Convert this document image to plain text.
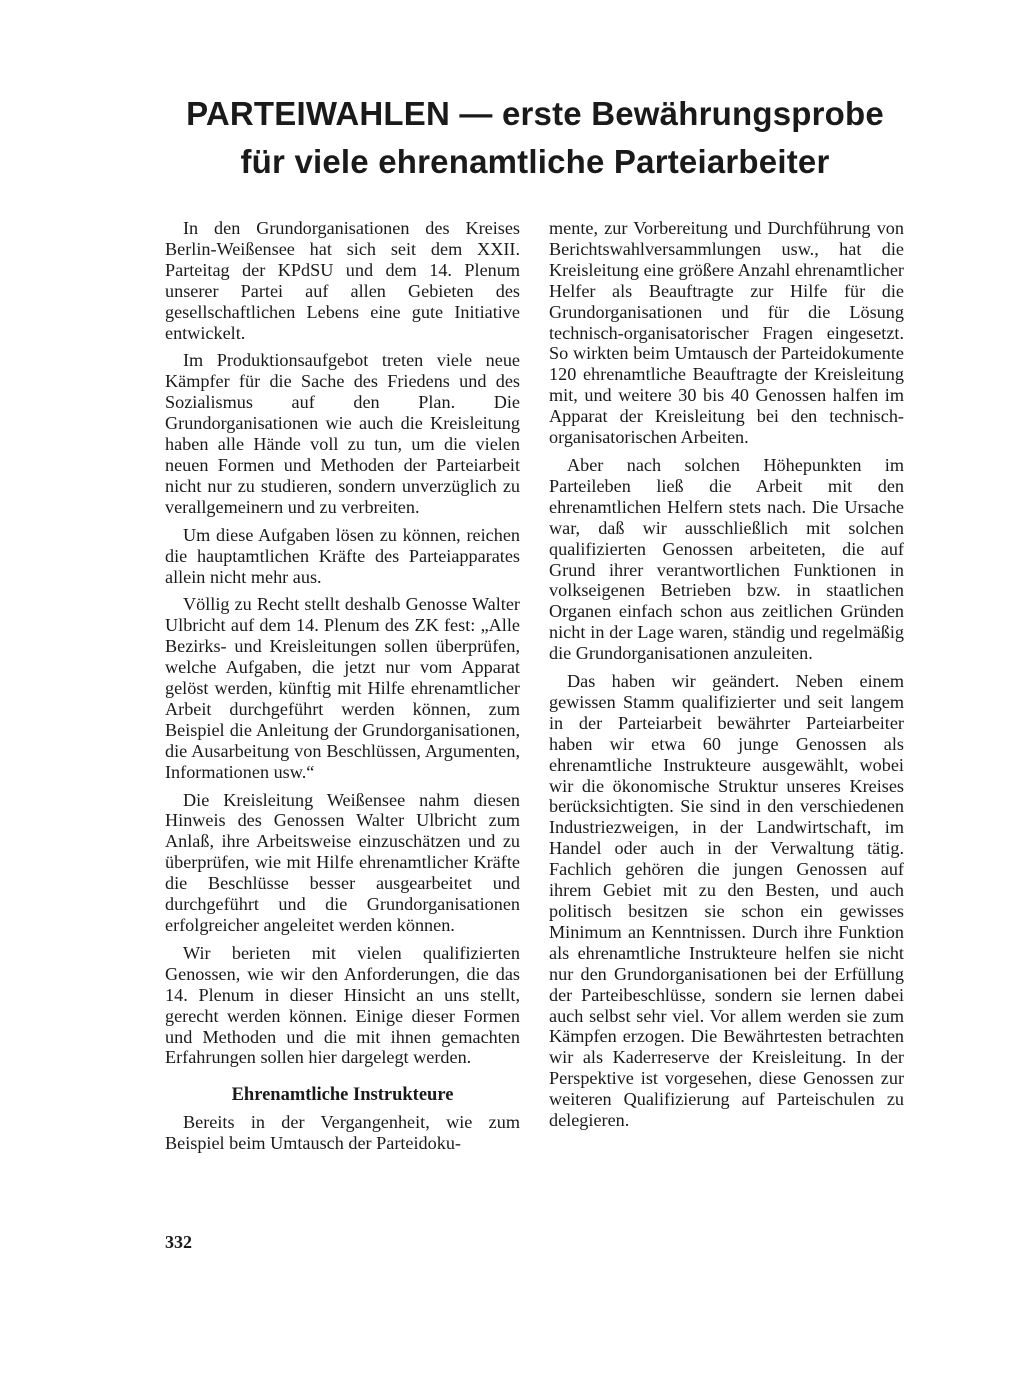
PARTEIWAHLEN — erste Bewährungsprobe
für viele ehrenamtliche Parteiarbeiter

In den Grundorganisationen des Kreises Berlin-Weißensee hat sich seit dem XXII. Parteitag der KPdSU und dem 14. Plenum unserer Partei auf allen Gebieten des gesellschaftlichen Lebens eine gute Initiative entwickelt.

Im Produktionsaufgebot treten viele neue Kämpfer für die Sache des Friedens und des Sozialismus auf den Plan. Die Grundorganisationen wie auch die Kreisleitung haben alle Hände voll zu tun, um die vielen neuen Formen und Methoden der Parteiarbeit nicht nur zu studieren, sondern unverzüglich zu verallgemeinern und zu verbreiten.

Um diese Aufgaben lösen zu können, reichen die hauptamtlichen Kräfte des Parteiapparates allein nicht mehr aus.

Völlig zu Recht stellt deshalb Genosse Walter Ulbricht auf dem 14. Plenum des ZK fest: „Alle Bezirks- und Kreisleitungen sollen überprüfen, welche Aufgaben, die jetzt nur vom Apparat gelöst werden, künftig mit Hilfe ehrenamtlicher Arbeit durchgeführt werden können, zum Beispiel die Anleitung der Grundorganisationen, die Ausarbeitung von Beschlüssen, Argumenten, Informationen usw.“

Die Kreisleitung Weißensee nahm diesen Hinweis des Genossen Walter Ulbricht zum Anlaß, ihre Arbeitsweise einzuschätzen und zu überprüfen, wie mit Hilfe ehrenamtlicher Kräfte die Beschlüsse besser ausgearbeitet und durchgeführt und die Grundorganisationen erfolgreicher angeleitet werden können.

Wir berieten mit vielen qualifizierten Genossen, wie wir den Anforderungen, die das 14. Plenum in dieser Hinsicht an uns stellt, gerecht werden können. Einige dieser Formen und Methoden und die mit ihnen gemachten Erfahrungen sollen hier dargelegt werden.

Ehrenamtliche Instrukteure

Bereits in der Vergangenheit, wie zum Beispiel beim Umtausch der Parteidoku-

mente, zur Vorbereitung und Durchführung von Berichtswahlversammlungen usw., hat die Kreisleitung eine größere Anzahl ehrenamtlicher Helfer als Beauftragte zur Hilfe für die Grundorganisationen und für die Lösung technisch-organisatorischer Fragen eingesetzt. So wirkten beim Umtausch der Parteidokumente 120 ehrenamtliche Beauftragte der Kreisleitung mit, und weitere 30 bis 40 Genossen halfen im Apparat der Kreisleitung bei den technisch-organisatorischen Arbeiten.

Aber nach solchen Höhepunkten im Parteileben ließ die Arbeit mit den ehrenamtlichen Helfern stets nach. Die Ursache war, daß wir ausschließlich mit solchen qualifizierten Genossen arbeiteten, die auf Grund ihrer verantwortlichen Funktionen in volkseigenen Betrieben bzw. in staatlichen Organen einfach schon aus zeitlichen Gründen nicht in der Lage waren, ständig und regelmäßig die Grundorganisationen anzuleiten.

Das haben wir geändert. Neben einem gewissen Stamm qualifizierter und seit langem in der Parteiarbeit bewährter Parteiarbeiter haben wir etwa 60 junge Genossen als ehrenamtliche Instrukteure ausgewählt, wobei wir die ökonomische Struktur unseres Kreises berücksichtigten. Sie sind in den verschiedenen Industriezweigen, in der Landwirtschaft, im Handel oder auch in der Verwaltung tätig. Fachlich gehören die jungen Genossen auf ihrem Gebiet mit zu den Besten, und auch politisch besitzen sie schon ein gewisses Minimum an Kenntnissen. Durch ihre Funktion als ehrenamtliche Instrukteure helfen sie nicht nur den Grundorganisationen bei der Erfüllung der Parteibeschlüsse, sondern sie lernen dabei auch selbst sehr viel. Vor allem werden sie zum Kämpfen erzogen. Die Bewährtesten betrachten wir als Kaderreserve der Kreisleitung. In der Perspektive ist vorgesehen, diese Genossen zur weiteren Qualifizierung auf Parteischulen zu delegieren.

332
